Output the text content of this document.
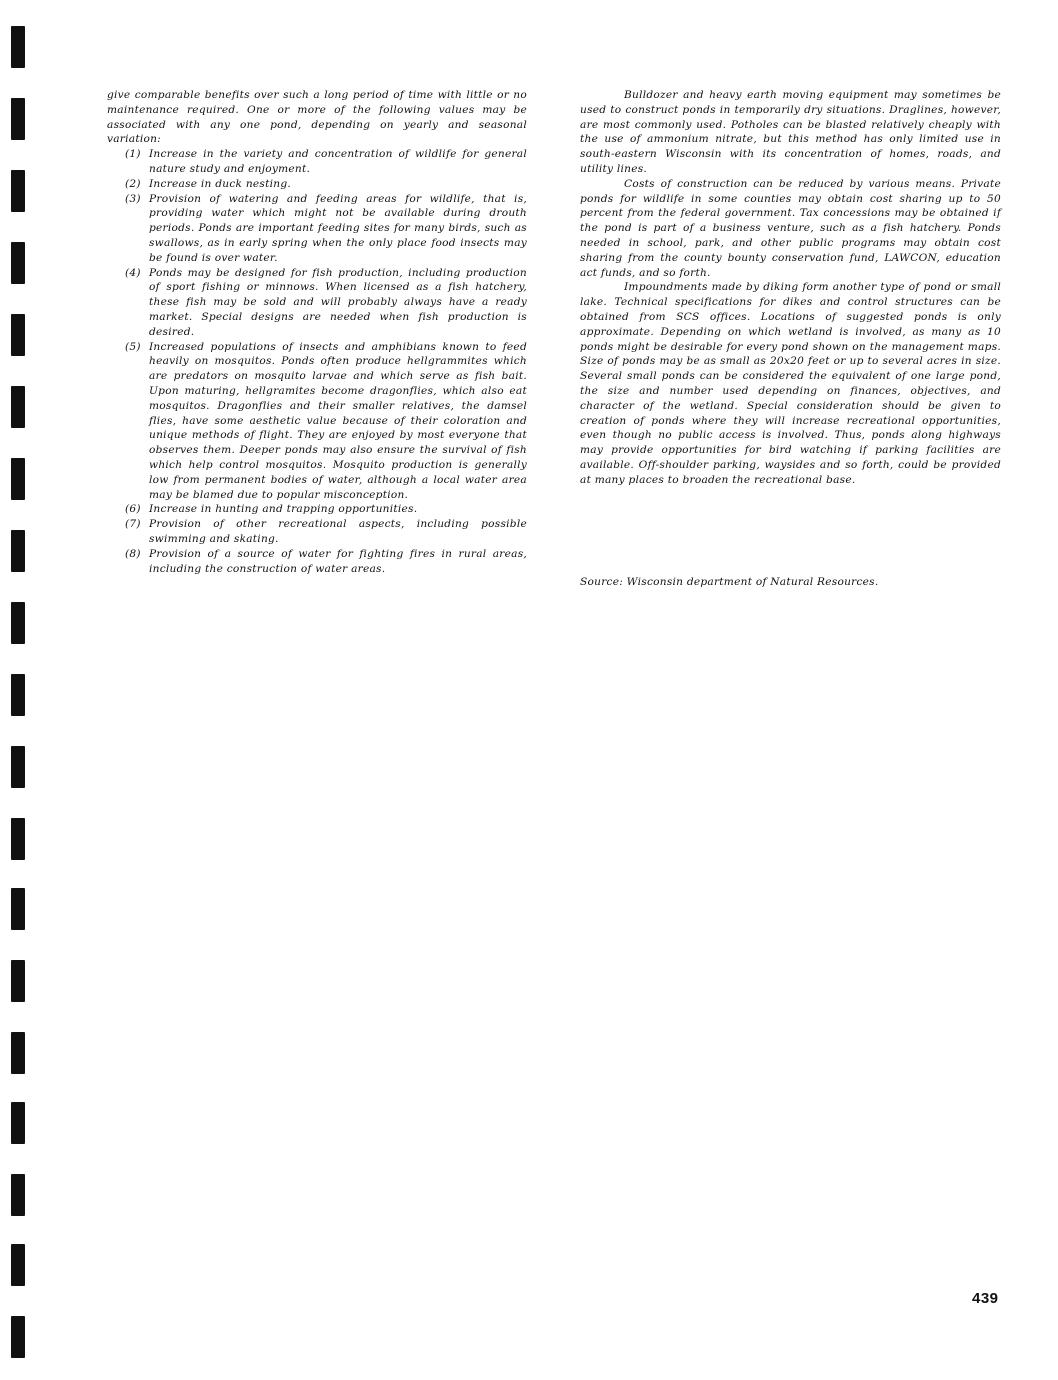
give comparable benefits over such a long period of time with little or no maintenance required. One or more of the following values may be associated with any one pond, depending on yearly and seasonal variation:

(1) Increase in the variety and concentration of wildlife for general nature study and enjoyment.
(2) Increase in duck nesting.
(3) Provision of watering and feeding areas for wildlife, that is, providing water which might not be available during drouth periods. Ponds are important feeding sites for many birds, such as swallows, as in early spring when the only place food insects may be found is over water.
(4) Ponds may be designed for fish production, including production of sport fishing or minnows. When licensed as a fish hatchery, these fish may be sold and will probably always have a ready market. Special designs are needed when fish production is desired.
(5) Increased populations of insects and amphibians known to feed heavily on mosquitos. Ponds often produce hellgrammites which are predators on mosquito larvae and which serve as fish bait. Upon maturing, hellgramites become dragonflies, which also eat mosquitos. Dragonflies and their smaller relatives, the damsel flies, have some aesthetic value because of their coloration and unique methods of flight. They are enjoyed by most everyone that observes them. Deeper ponds may also ensure the survival of fish which help control mosquitos. Mosquito production is generally low from permanent bodies of water, although a local water area may be blamed due to popular misconception.
(6) Increase in hunting and trapping opportunities.
(7) Provision of other recreational aspects, including possible swimming and skating.
(8) Provision of a source of water for fighting fires in rural areas, including the construction of water areas.

Bulldozer and heavy earth moving equipment may sometimes be used to construct ponds in temporarily dry situations. Draglines, however, are most commonly used. Potholes can be blasted relatively cheaply with the use of ammonium nitrate, but this method has only limited use in south-eastern Wisconsin with its concentration of homes, roads, and utility lines.

Costs of construction can be reduced by various means. Private ponds for wildlife in some counties may obtain cost sharing up to 50 percent from the federal government. Tax concessions may be obtained if the pond is part of a business venture, such as a fish hatchery. Ponds needed in school, park, and other public programs may obtain cost sharing from the county bounty conservation fund, LAWCON, education act funds, and so forth.

Impoundments made by diking form another type of pond or small lake. Technical specifications for dikes and control structures can be obtained from SCS offices. Locations of suggested ponds is only approximate. Depending on which wetland is involved, as many as 10 ponds might be desirable for every pond shown on the management maps. Size of ponds may be as small as 20x20 feet or up to several acres in size. Several small ponds can be considered the equivalent of one large pond, the size and number used depending on finances, objectives, and character of the wetland. Special consideration should be given to creation of ponds where they will increase recreational opportunities, even though no public access is involved. Thus, ponds along highways may provide opportunities for bird watching if parking facilities are available. Off-shoulder parking, waysides and so forth, could be provided at many places to broaden the recreational base.

Source: Wisconsin department of Natural Resources.
439
